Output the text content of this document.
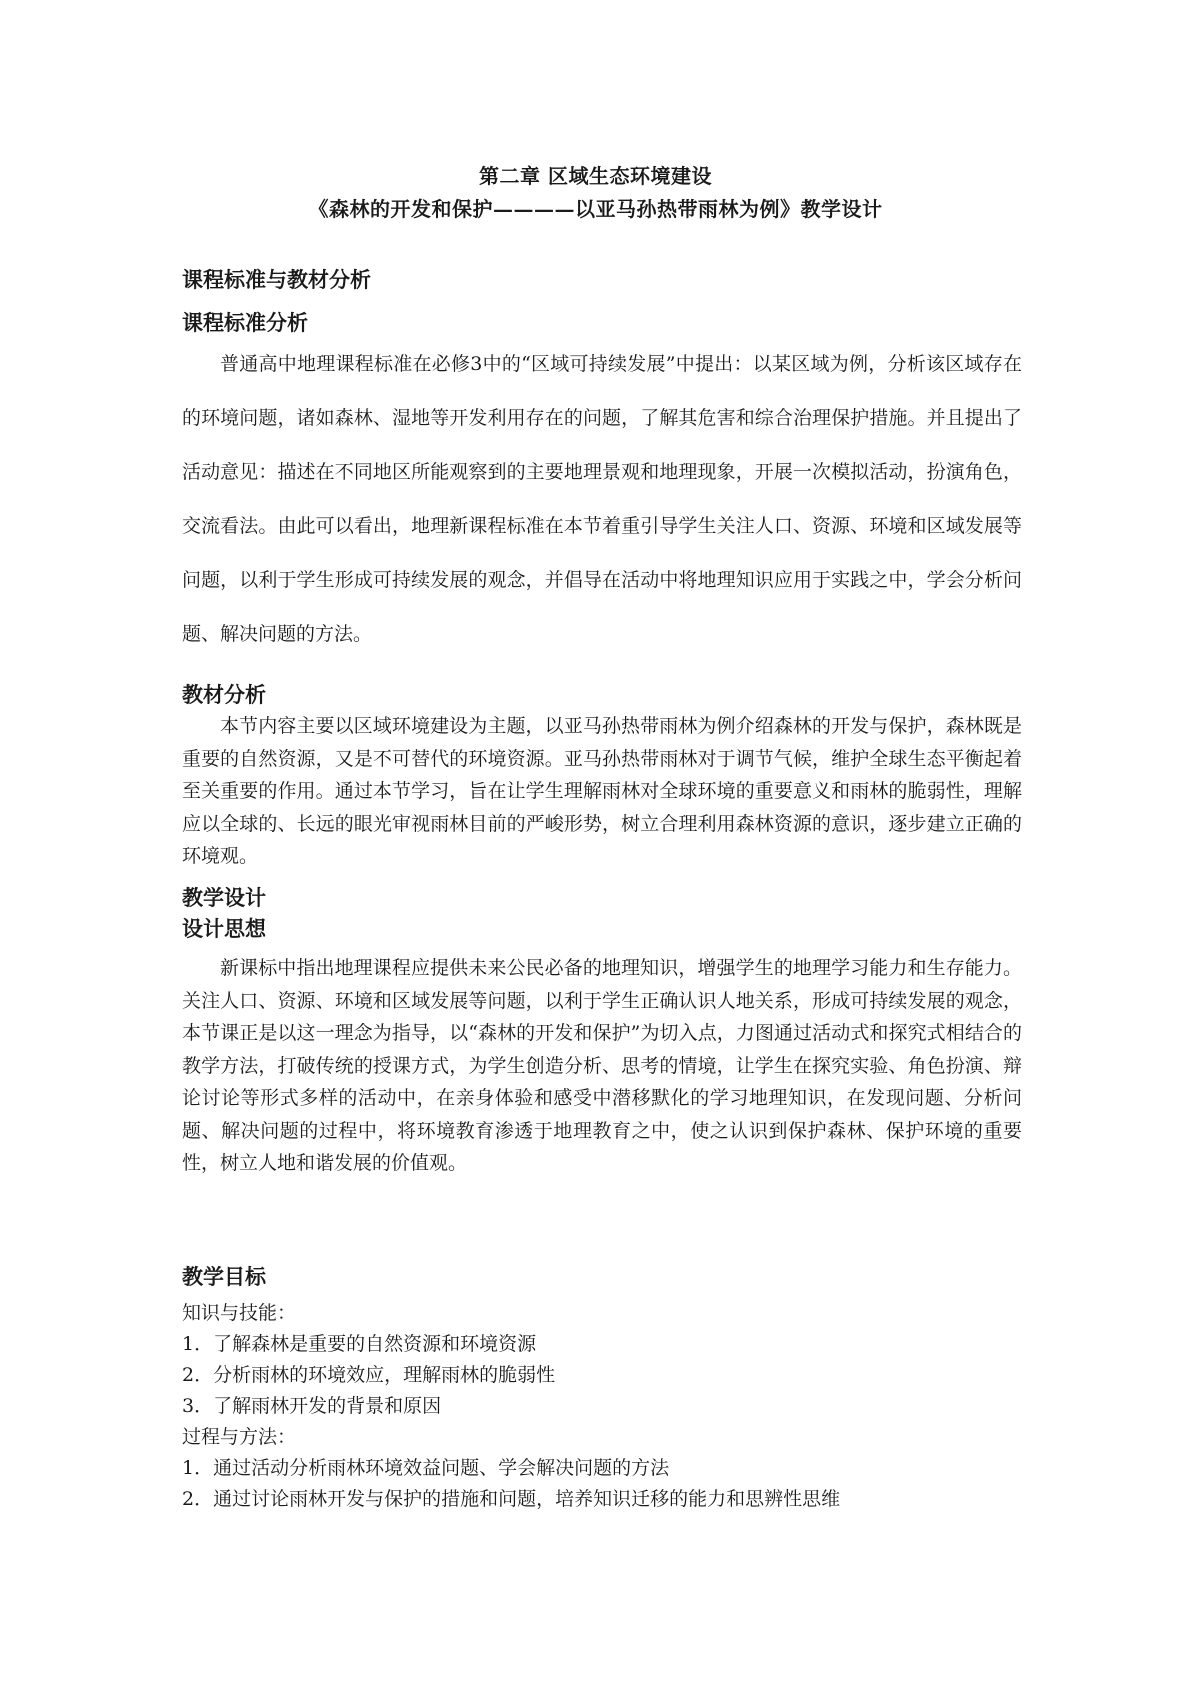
第二章 区域生态环境建设
《森林的开发和保护————以亚马孙热带雨林为例》教学设计

课程标准与教材分析

课程标准分析

普通高中地理课程标准在必修3中的“区域可持续发展”中提出：以某区域为例，分析该区域存在的环境问题，诸如森林、湿地等开发利用存在的问题，了解其危害和综合治理保护措施。并且提出了活动意见：描述在不同地区所能观察到的主要地理景观和地理现象，开展一次模拟活动，扮演角色，交流看法。由此可以看出，地理新课程标准在本节着重引导学生关注人口、资源、环境和区域发展等问题，以利于学生形成可持续发展的观念，并倡导在活动中将地理知识应用于实践之中，学会分析问题、解决问题的方法。

教材分析

本节内容主要以区域环境建设为主题，以亚马孙热带雨林为例介绍森林的开发与保护，森林既是重要的自然资源，又是不可替代的环境资源。亚马孙热带雨林对于调节气候，维护全球生态平衡起着至关重要的作用。通过本节学习，旨在让学生理解雨林对全球环境的重要意义和雨林的脆弱性，理解应以全球的、长远的眼光审视雨林目前的严峻形势，树立合理利用森林资源的意识，逐步建立正确的环境观。

教学设计

设计思想

新课标中指出地理课程应提供未来公民必备的地理知识，增强学生的地理学习能力和生存能力。关注人口、资源、环境和区域发展等问题，以利于学生正确认识人地关系，形成可持续发展的观念，本节课正是以这一理念为指导，以“森林的开发和保护”为切入点，力图通过活动式和探究式相结合的教学方法，打破传统的授课方式，为学生创造分析、思考的情境，让学生在探究实验、角色扮演、辩论讨论等形式多样的活动中，在亲身体验和感受中潜移默化的学习地理知识，在发现问题、分析问题、解决问题的过程中，将环境教育渗透于地理教育之中，使之认识到保护森林、保护环境的重要性，树立人地和谐发展的价值观。

教学目标

知识与技能：

1．了解森林是重要的自然资源和环境资源

2．分析雨林的环境效应，理解雨林的脆弱性

3．了解雨林开发的背景和原因

过程与方法：

1．通过活动分析雨林环境效益问题、学会解决问题的方法

2．通过讨论雨林开发与保护的措施和问题，培养知识迁移的能力和思辨性思维
